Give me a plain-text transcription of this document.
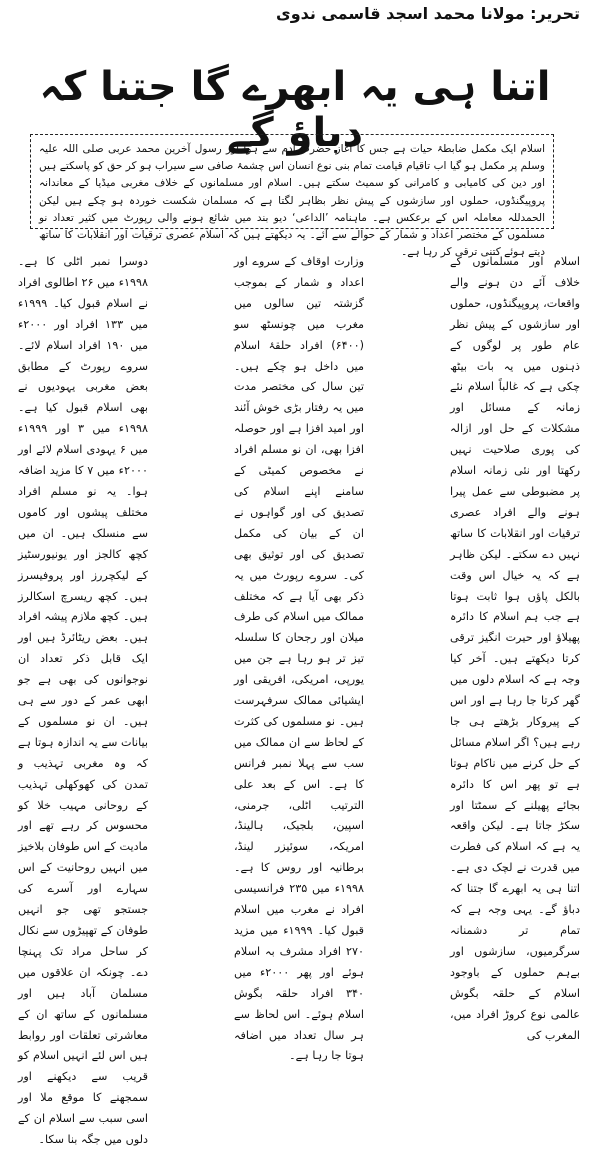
تحریر: مولانا محمد اسجد قاسمی ندوی
اتنا ہی یہ ابھرے گا جتنا کہ دباؤ گے

اسلام ایک مکمل ضابطۂ حیات ہے جس کا آغاز حضرت آدم سے ہوا اور رسول آخرین محمد عربی صلی اللہ علیہ وسلم پر مکمل ہو گیا اب تاقیام قیامت تمام بنی نوع انسان اس چشمۂ صافی سے سیراب ہو کر حق کو پاسکتے ہیں اور دین کی کامیابی و کامرانی کو سمیٹ سکتے ہیں۔ اسلام اور مسلمانوں کے خلاف مغربی میڈیا کے معاندانہ پروپیگنڈوں، حملوں اور سازشوں کے پیش نظر بظاہر لگتا ہے کہ مسلمان شکست خوردہ ہو چکے ہیں لیکن الحمدللہ معاملہ اس کے برعکس ہے۔ ماہنامہ ’الداعی‘ دیو بند میں شائع ہونے والی رپورٹ میں کثیر تعداد نو مسلموں کے مختصر اعداد و شمار کے حوالے سے آئے۔ یہ دیکھتے ہیں کہ اسلام عصری ترقیات اور انقلابات کا ساتھ دیتے ہوئے کتنی ترقی کر رہا ہے۔

اسلام اور مسلمانوں کے خلاف آئے دن ہونے والے واقعات، پروپیگنڈوں، حملوں اور سازشوں کے پیش نظر عام طور پر لوگوں کے ذہنوں میں یہ بات بیٹھ چکی ہے کہ غالباً اسلام نئے زمانہ کے مسائل اور مشکلات کے حل اور ازالہ کی پوری صلاحیت نہیں رکھتا اور نئی زمانہ اسلام پر مضبوطی سے عمل پیرا ہونے والے افراد عصری ترقیات اور انقلابات کا ساتھ نہیں دے سکتے۔ لیکن ظاہر ہے کہ یہ خیال اس وقت بالکل پاؤں ہوا ثابت ہوتا ہے جب ہم اسلام کا دائرہ پھیلاؤ اور حیرت انگیز ترقی کرتا دیکھتے ہیں۔ آخر کیا وجہ ہے کہ اسلام دلوں میں گھر کرتا جا رہا ہے اور اس کے پیروکار بڑھتے ہی جا رہے ہیں؟ اگر اسلام مسائل کے حل کرنے میں ناکام ہوتا ہے تو پھر اس کا دائرہ بجائے پھیلنے کے سمٹتا اور سکڑ جاتا ہے۔ لیکن واقعہ یہ ہے کہ اسلام کی فطرت میں قدرت نے لچک دی ہے۔ اتنا ہی یہ ابھرے گا جتنا کہ دباؤ گے۔ یہی وجہ ہے کہ تمام تر دشمنانہ سرگرمیوں، سازشوں اور بےہم حملوں کے باوجود اسلام کے حلقہ بگوش عالمی نوع کروڑ افراد میں، المغرب کی

وزارت اوقاف کے سروے اور اعداد و شمار کے بموجب گزشتہ تین سالوں میں مغرب میں چونسٹھ سو (۶۴۰۰) افراد حلقۂ اسلام میں داخل ہو چکے ہیں۔ تین سال کی مختصر مدت میں یہ رفتار بڑی خوش آئند اور امید افزا ہے اور حوصلہ افزا بھی، ان نو مسلم افراد نے مخصوص کمیٹی کے سامنے اپنے اسلام کی تصدیق کی اور گواہوں نے ان کے بیان کی مکمل تصدیق کی اور توثیق بھی کی۔ سروے رپورٹ میں یہ ذکر بھی آیا ہے کہ مختلف ممالک میں اسلام کی طرف میلان اور رجحان کا سلسلہ تیز تر ہو رہا ہے جن میں یورپی، امریکی، افریقی اور ایشیائی ممالک سرفہرست ہیں۔ نو مسلموں کی کثرت کے لحاظ سے ان ممالک میں سب سے پہلا نمبر فرانس کا ہے۔ اس کے بعد علی الترتیب اٹلی، جرمنی، اسپین، بلجیک، ہالینڈ، امریکہ، سوئیزر لینڈ، برطانیہ اور روس کا ہے۔ ۱۹۹۸ء میں ۲۳۵ فرانسیسی افراد نے مغرب میں اسلام قبول کیا۔ ۱۹۹۹ء میں مزید ۲۷۰ افراد مشرف بہ اسلام ہوئے اور پھر ۲۰۰۰ء میں ۳۴۰ افراد حلقہ بگوش اسلام ہوئے۔ اس لحاظ سے ہر سال تعداد میں اضافہ ہوتا جا رہا ہے۔

دوسرا نمبر اٹلی کا ہے۔ ۱۹۹۸ء میں ۲۶ اطالوی افراد نے اسلام قبول کیا۔ ۱۹۹۹ء میں ۱۳۳ افراد اور ۲۰۰۰ء میں ۱۹۰ افراد اسلام لائے۔ سروے رپورٹ کے مطابق بعض مغربی یہودیوں نے بھی اسلام قبول کیا ہے۔ ۱۹۹۸ء میں ۳ اور ۱۹۹۹ء میں ۶ یہودی اسلام لائے اور ۲۰۰۰ء میں ۷ کا مزید اضافہ ہوا۔ یہ نو مسلم افراد مختلف پیشوں اور کاموں سے منسلک ہیں۔ ان میں کچھ کالجز اور یونیورسٹیز کے لیکچررز اور پروفیسرز ہیں۔ کچھ ریسرچ اسکالرز ہیں۔ کچھ ملازم پیشہ افراد ہیں۔ بعض ریٹائرڈ ہیں اور ایک قابل ذکر تعداد ان نوجوانوں کی بھی ہے جو ابھی عمر کے دور سے ہی ہیں۔ ان نو مسلموں کے بیانات سے یہ اندازہ ہوتا ہے کہ وہ مغربی تہذیب و تمدن کی کھوکھلی تہذیب کے روحانی مہیب خلا کو محسوس کر رہے تھے اور مادیت کے اس طوفان بلاخیز میں انہیں روحانیت کے اس سہارے اور آسرے کی جستجو تھی جو انہیں طوفان کے تھپیڑوں سے نکال کر ساحل مراد تک پہنچا دے۔ چونکہ ان علاقوں میں مسلمان آباد ہیں اور مسلمانوں کے ساتھ ان کے معاشرتی تعلقات اور روابط ہیں اس لئے انہیں اسلام کو قریب سے دیکھنے اور سمجھنے کا موقع ملا اور اسی سبب سے اسلام ان کے دلوں میں جگہ بنا سکا۔
